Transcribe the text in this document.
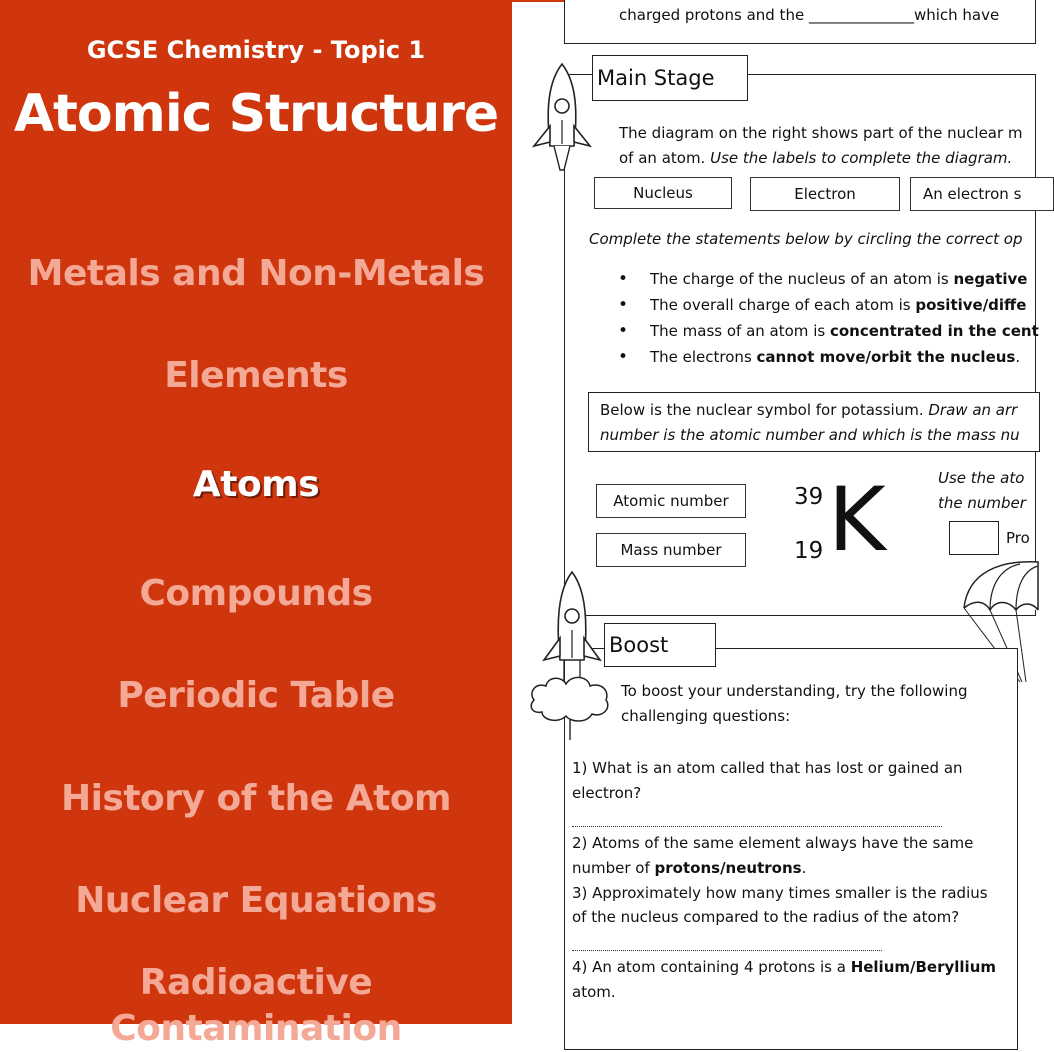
GCSE Chemistry - Topic 1
Atomic Structure
Metals and Non-Metals
Elements
Atoms
Compounds
Periodic Table
History of the Atom
Nuclear Equations
Radioactive Contamination
charged protons and the ______________which have
Main Stage
The diagram on the right shows part of the nuclear m
of an atom. Use the labels to complete the diagram.
Nucleus	Electron	An electron s
Complete the statements below by circling the correct op
• The charge of the nucleus of an atom is negative
• The overall charge of each atom is positive/diffe
• The mass of an atom is concentrated in the cent
• The electrons cannot move/orbit the nucleus.
Below is the nuclear symbol for potassium. Draw an arr
number is the atomic number and which is the mass nu
Atomic number
Mass number
39
19 K	Use the ato
the number
Pro
Boost
To boost your understanding, try the following
challenging questions:
1) What is an atom called that has lost or gained an
electron?
2) Atoms of the same element always have the same
number of protons/neutrons.
3) Approximately how many times smaller is the radius
of the nucleus compared to the radius of the atom?
4) An atom containing 4 protons is a Helium/Beryllium
atom.
